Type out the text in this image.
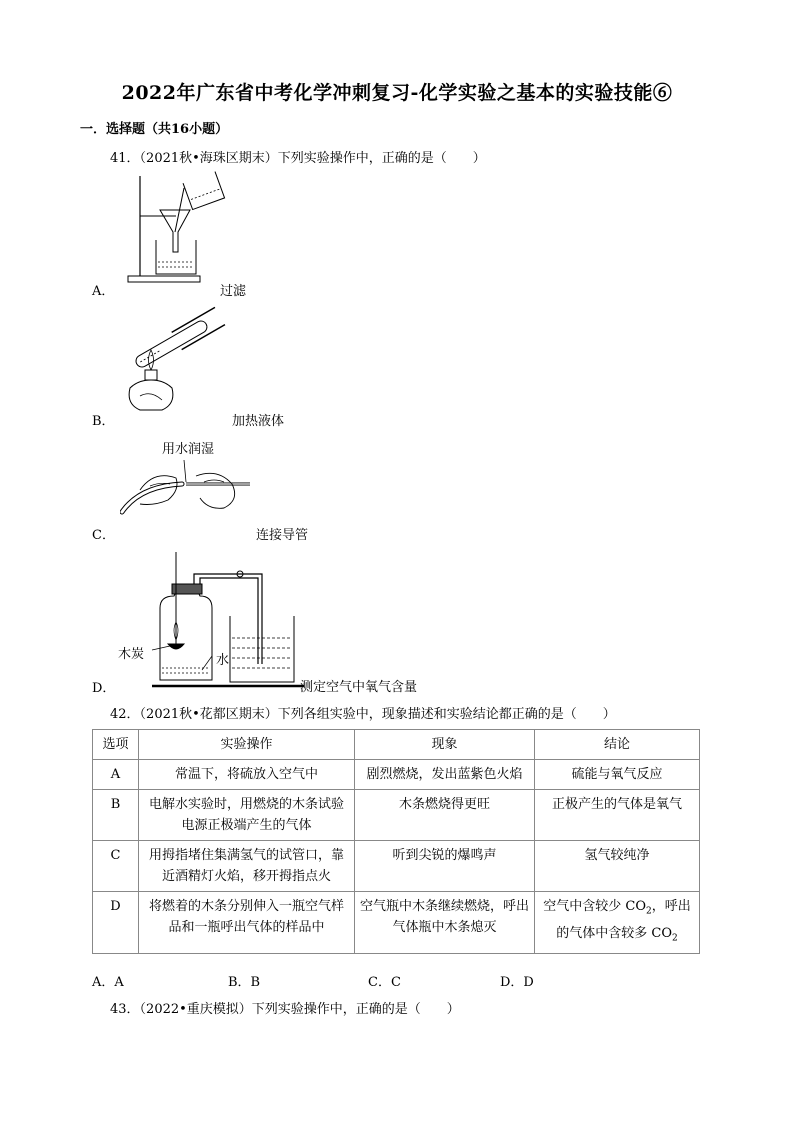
2022年广东省中考化学冲刺复习-化学实验之基本的实验技能⑥
一．选择题（共16小题）
41．（2021秋•海珠区期末）下列实验操作中，正确的是（　　）
A．	过滤
B．	加热液体
用水润湿
C．	连接导管
木炭	水
D．	测定空气中氧气含量
42．（2021秋•花都区期末）下列各组实验中，现象描述和实验结论都正确的是（　　）
选项	实验操作	现象	结论
A	常温下，将硫放入空气中	剧烈燃烧，发出蓝紫色火焰	硫能与氧气反应
B	电解水实验时，用燃烧的木条试验电源正极端产生的气体	木条燃烧得更旺	正极产生的气体是氧气
C	用拇指堵住集满氢气的试管口，靠近酒精灯火焰，移开拇指点火	听到尖锐的爆鸣声	氢气较纯净
D	将燃着的木条分别伸入一瓶空气样品和一瓶呼出气体的样品中	空气瓶中木条继续燃烧，呼出气体瓶中木条熄灭	空气中含较少 $CO_2$，呼出的气体中含较多 $CO_2$
A．A	B．B	C．C	D．D
43．（2022•重庆模拟）下列实验操作中，正确的是（　　）
